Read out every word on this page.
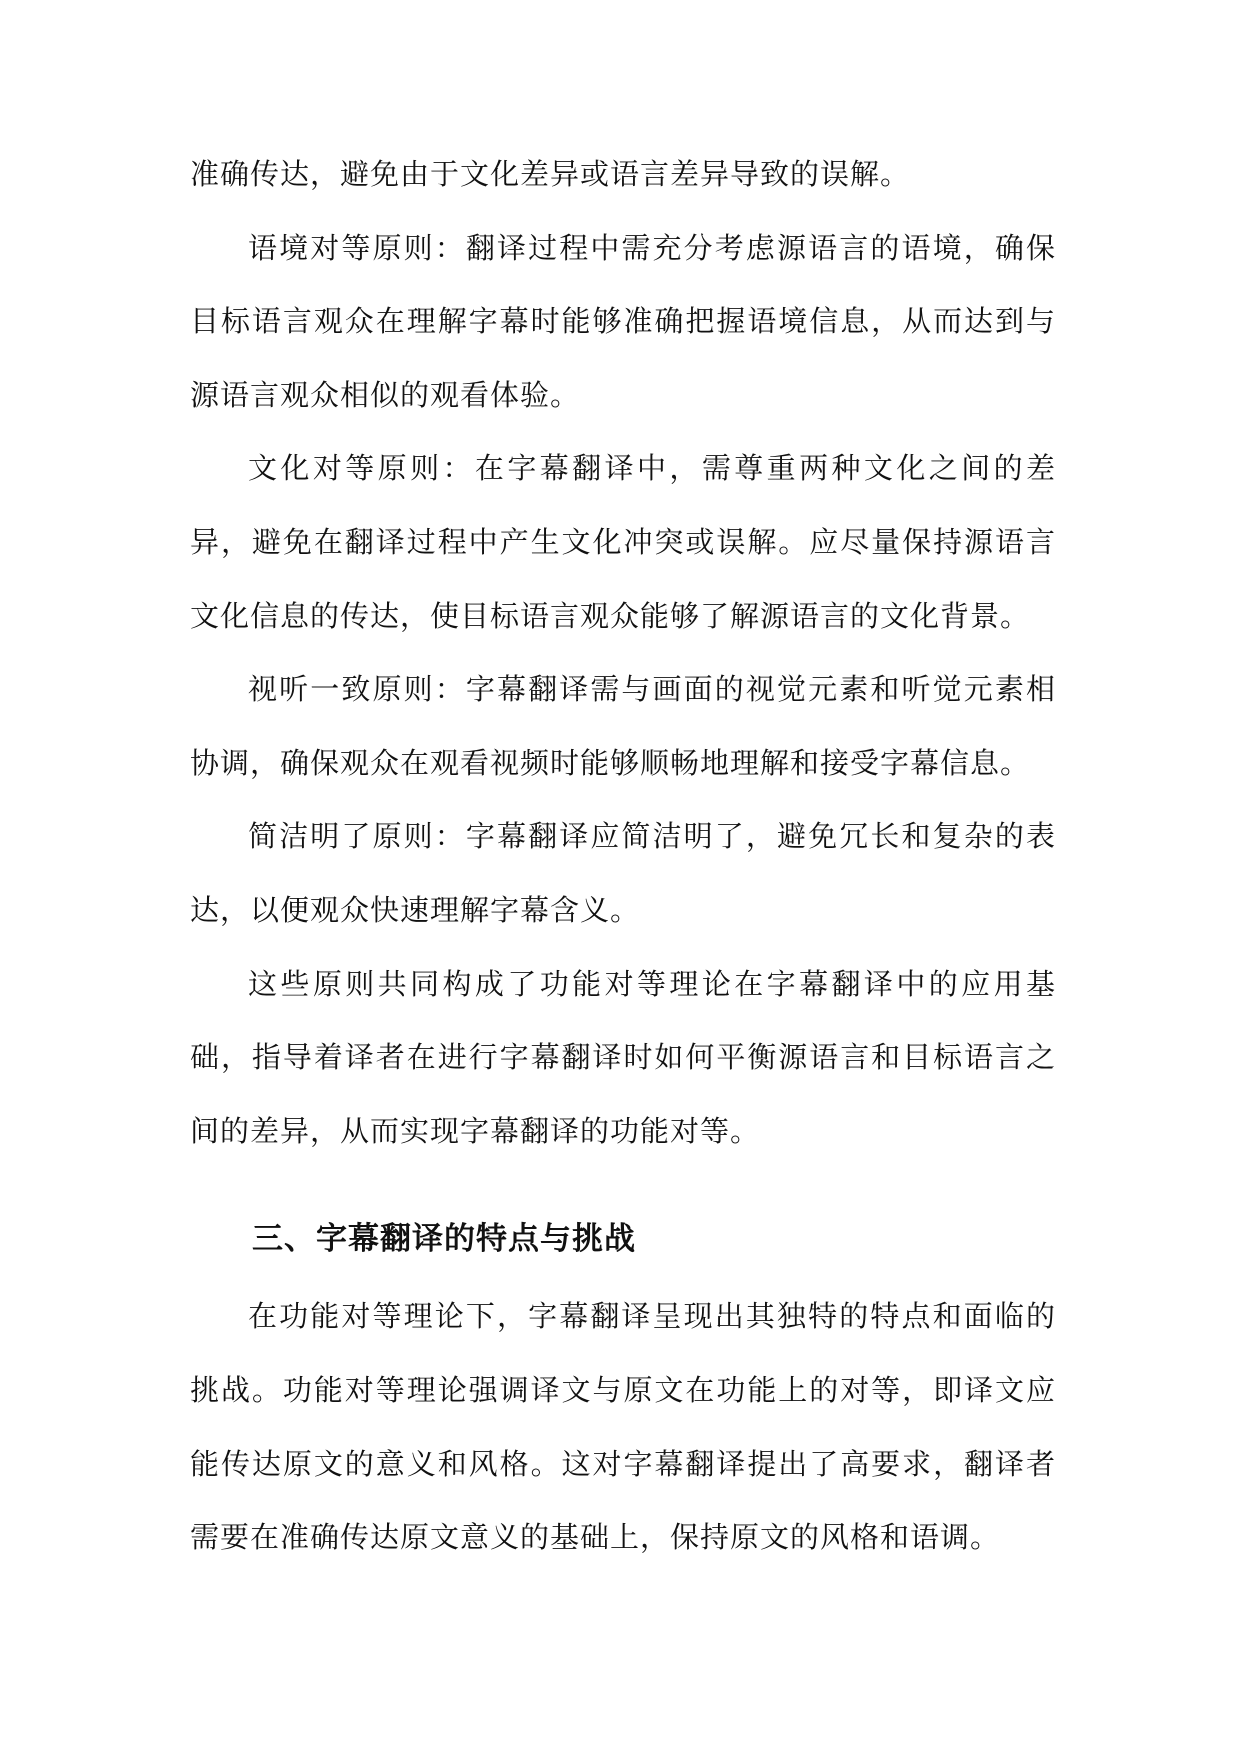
准确传达，避免由于文化差异或语言差异导致的误解。

语境对等原则：翻译过程中需充分考虑源语言的语境，确保目标语言观众在理解字幕时能够准确把握语境信息，从而达到与源语言观众相似的观看体验。

文化对等原则：在字幕翻译中，需尊重两种文化之间的差异，避免在翻译过程中产生文化冲突或误解。应尽量保持源语言文化信息的传达，使目标语言观众能够了解源语言的文化背景。

视听一致原则：字幕翻译需与画面的视觉元素和听觉元素相协调，确保观众在观看视频时能够顺畅地理解和接受字幕信息。

简洁明了原则：字幕翻译应简洁明了，避免冗长和复杂的表达，以便观众快速理解字幕含义。

这些原则共同构成了功能对等理论在字幕翻译中的应用基础，指导着译者在进行字幕翻译时如何平衡源语言和目标语言之间的差异，从而实现字幕翻译的功能对等。

三、字幕翻译的特点与挑战

在功能对等理论下，字幕翻译呈现出其独特的特点和面临的挑战。功能对等理论强调译文与原文在功能上的对等，即译文应能传达原文的意义和风格。这对字幕翻译提出了高要求，翻译者需要在准确传达原文意义的基础上，保持原文的风格和语调。
